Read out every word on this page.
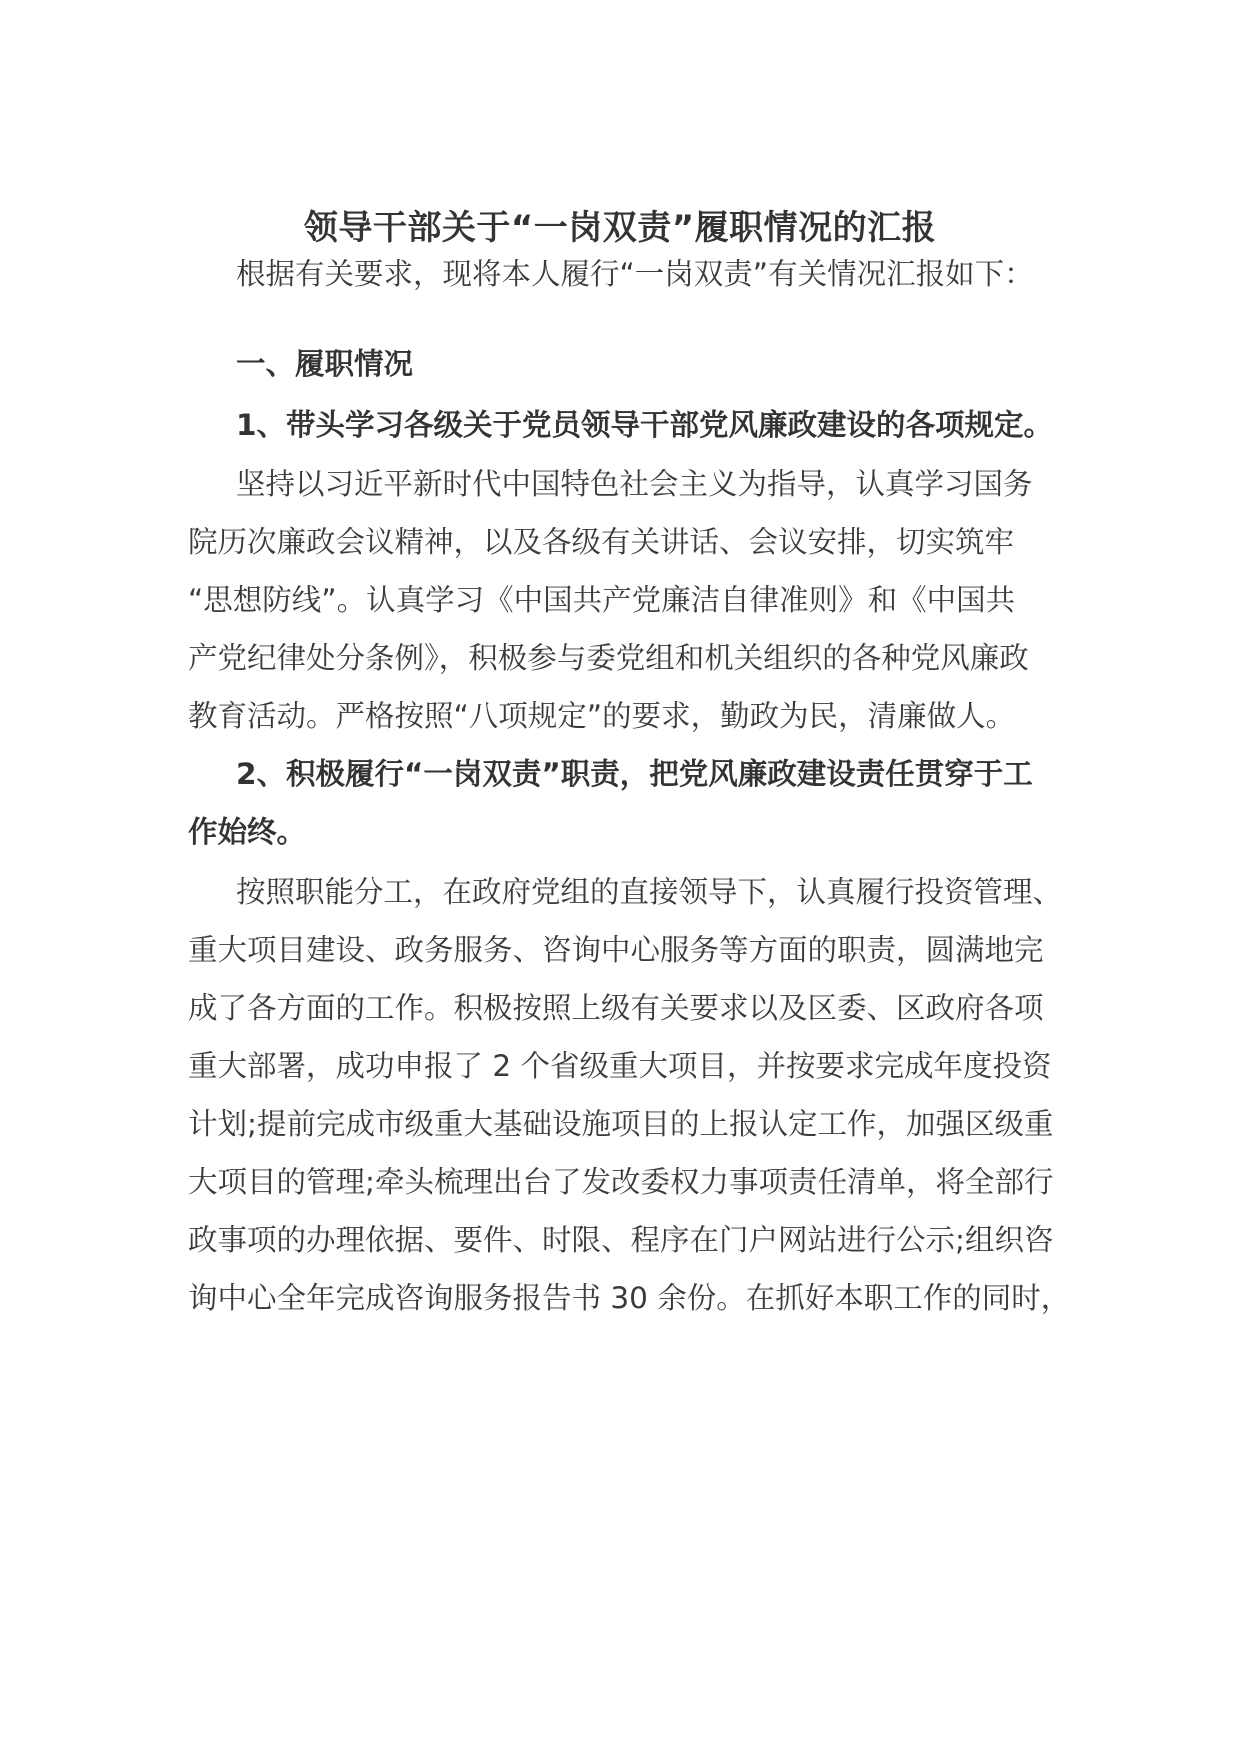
领导干部关于“一岗双责”履职情况的汇报

根据有关要求，现将本人履行“一岗双责”有关情况汇报如下：

一、履职情况

1、带头学习各级关于党员领导干部党风廉政建设的各项规定。

坚持以习近平新时代中国特色社会主义为指导，认真学习国务

院历次廉政会议精神，以及各级有关讲话、会议安排，切实筑牢

“思想防线”。认真学习《中国共产党廉洁自律准则》和《中国共

产党纪律处分条例》，积极参与委党组和机关组织的各种党风廉政

教育活动。严格按照“八项规定”的要求，勤政为民，清廉做人。

2、积极履行“一岗双责”职责，把党风廉政建设责任贯穿于工

作始终。

按照职能分工，在政府党组的直接领导下，认真履行投资管理、

重大项目建设、政务服务、咨询中心服务等方面的职责，圆满地完

成了各方面的工作。积极按照上级有关要求以及区委、区政府各项

重大部署，成功申报了 2 个省级重大项目，并按要求完成年度投资

计划;提前完成市级重大基础设施项目的上报认定工作，加强区级重

大项目的管理;牵头梳理出台了发改委权力事项责任清单，将全部行

政事项的办理依据、要件、时限、程序在门户网站进行公示;组织咨

询中心全年完成咨询服务报告书 30 余份。在抓好本职工作的同时，
